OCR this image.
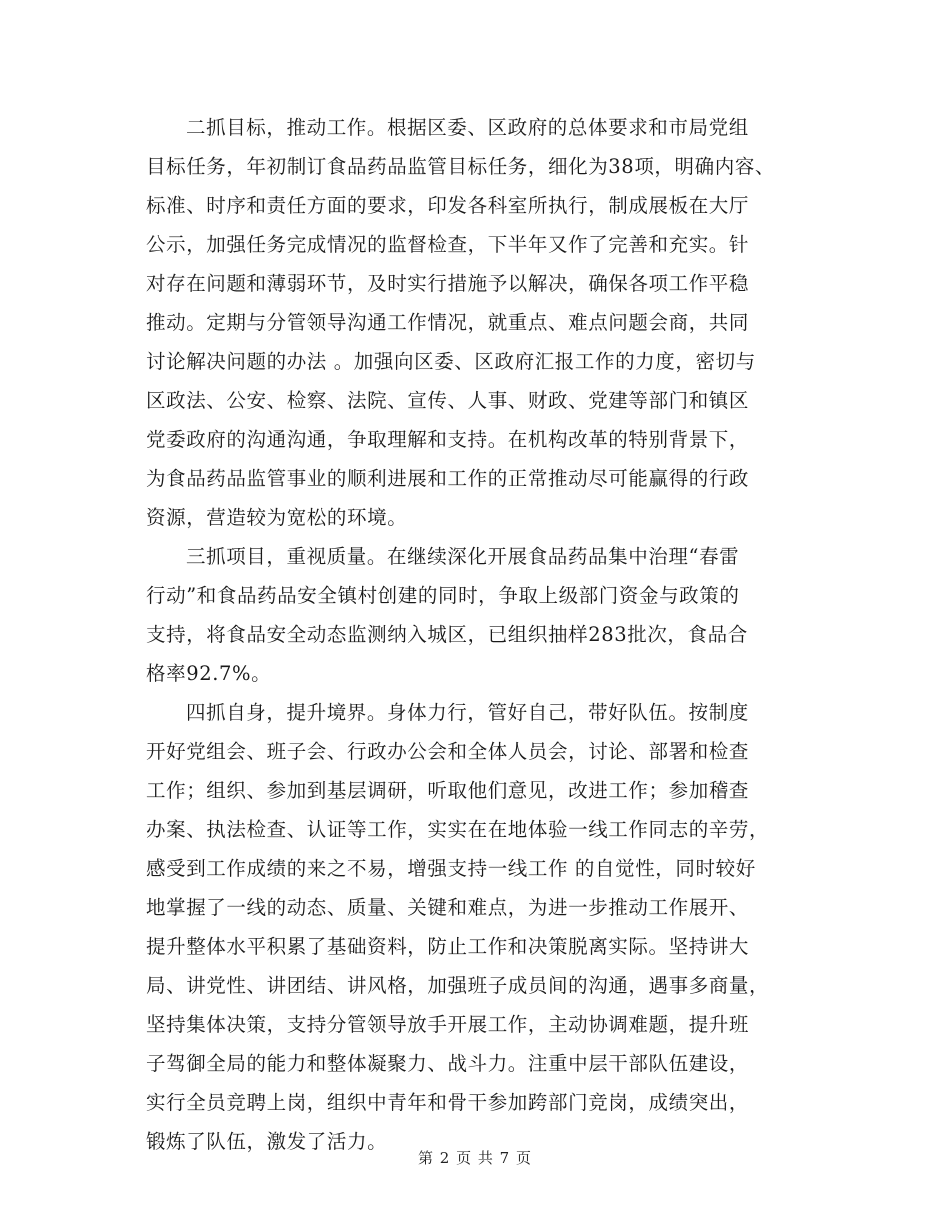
二抓目标，推动工作。根据区委、区政府的总体要求和市局党组
目标任务，年初制订食品药品监管目标任务，细化为38项，明确内容、
标准、时序和责任方面的要求，印发各科室所执行，制成展板在大厅
公示，加强任务完成情况的监督检查，下半年又作了完善和充实。针
对存在问题和薄弱环节，及时实行措施予以解决，确保各项工作平稳
推动。定期与分管领导沟通工作情况，就重点、难点问题会商，共同
讨论解决问题的办法 。加强向区委、区政府汇报工作的力度，密切与
区政法、公安、检察、法院、宣传、人事、财政、党建等部门和镇区
党委政府的沟通沟通，争取理解和支持。在机构改革的特别背景下，
为食品药品监管事业的顺利进展和工作的正常推动尽可能赢得的行政
资源，营造较为宽松的环境。
三抓项目，重视质量。在继续深化开展食品药品集中治理“春雷
行动”和食品药品安全镇村创建的同时，争取上级部门资金与政策的
支持，将食品安全动态监测纳入城区，已组织抽样283批次，食品合
格率92.7%。
四抓自身，提升境界。身体力行，管好自己，带好队伍。按制度
开好党组会、班子会、行政办公会和全体人员会，讨论、部署和检查
工作；组织、参加到基层调研，听取他们意见，改进工作；参加稽查
办案、执法检查、认证等工作，实实在在地体验一线工作同志的辛劳，
感受到工作成绩的来之不易，增强支持一线工作 的自觉性，同时较好
地掌握了一线的动态、质量、关键和难点，为进一步推动工作展开、
提升整体水平积累了基础资料，防止工作和决策脱离实际。坚持讲大
局、讲党性、讲团结、讲风格，加强班子成员间的沟通，遇事多商量，
坚持集体决策，支持分管领导放手开展工作，主动协调难题，提升班
子驾御全局的能力和整体凝聚力、战斗力。注重中层干部队伍建设，
实行全员竞聘上岗，组织中青年和骨干参加跨部门竞岗，成绩突出，
锻炼了队伍，激发了活力。
第 2 页 共 7 页
